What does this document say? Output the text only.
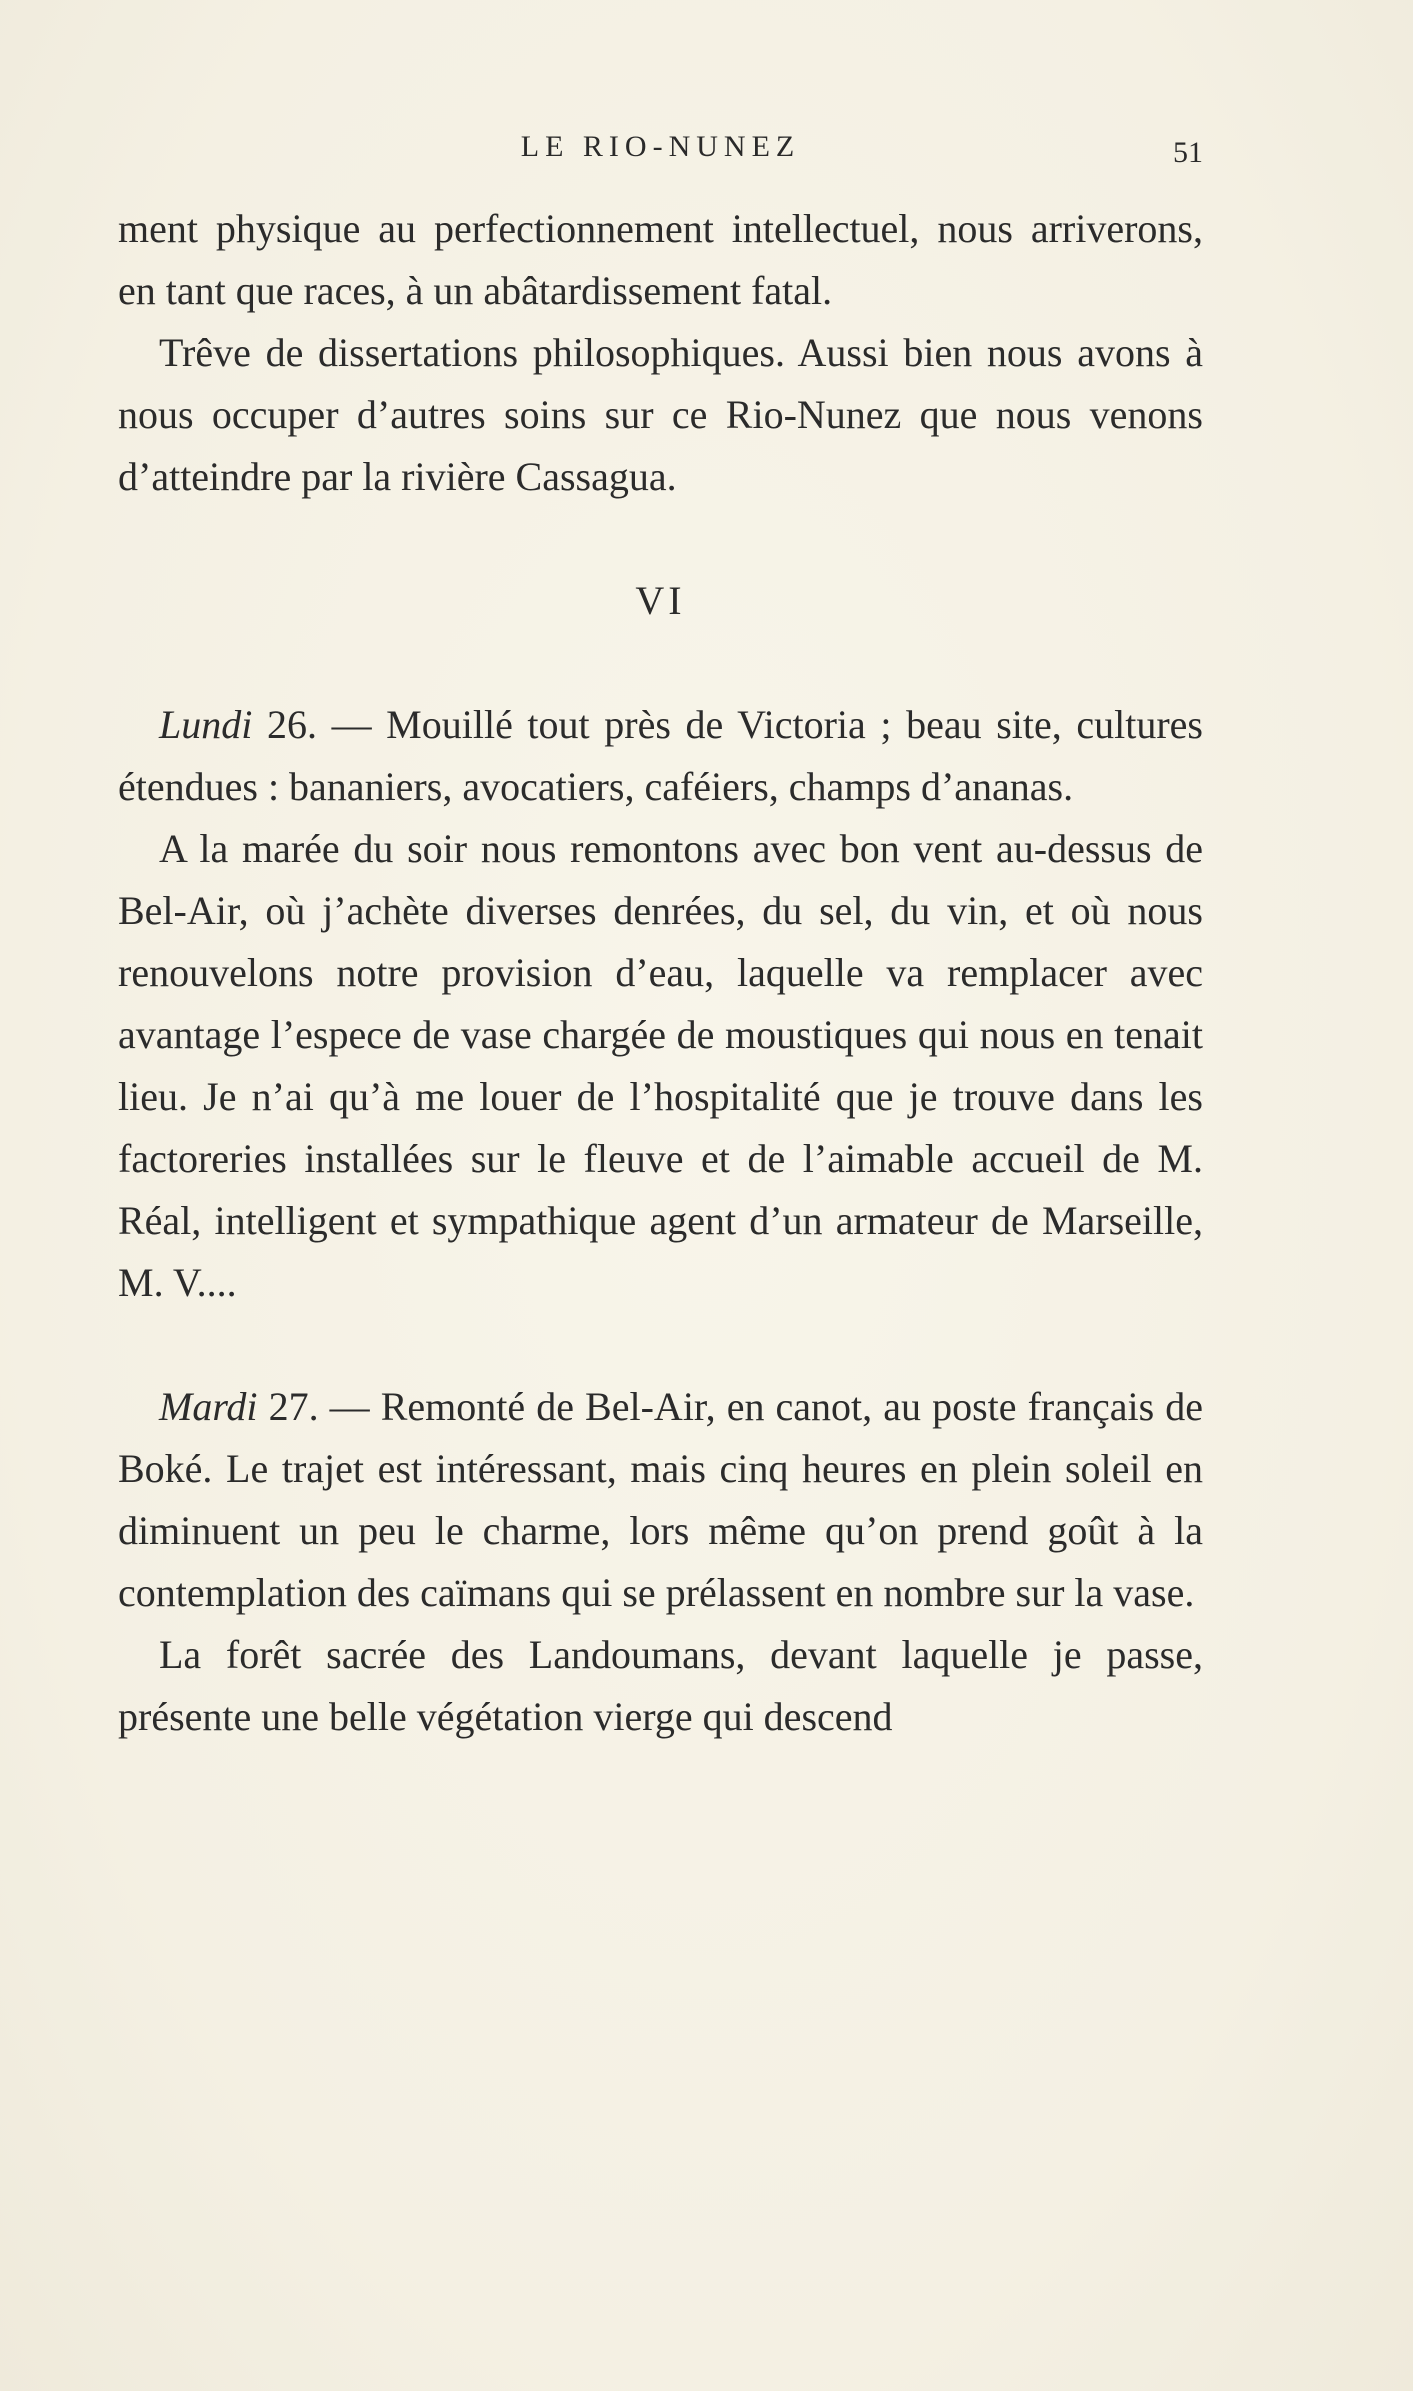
LE RIO-NUNEZ	51

ment physique au perfectionnement intellectuel, nous arriverons, en tant que races, à un abâtardissement fatal.

Trêve de dissertations philosophiques. Aussi bien nous avons à nous occuper d’autres soins sur ce Rio-Nunez que nous venons d’atteindre par la rivière Cassagua.

VI

Lundi 26. — Mouillé tout près de Victoria ; beau site, cultures étendues : bananiers, avocatiers, caféiers, champs d’ananas.

A la marée du soir nous remontons avec bon vent au-dessus de Bel-Air, où j’achète diverses denrées, du sel, du vin, et où nous renouvelons notre provision d’eau, laquelle va remplacer avec avantage l’espece de vase chargée de moustiques qui nous en tenait lieu. Je n’ai qu’à me louer de l’hospitalité que je trouve dans les factoreries installées sur le fleuve et de l’aimable accueil de M. Réal, intelligent et sympathique agent d’un armateur de Marseille, M. V....

Mardi 27. — Remonté de Bel-Air, en canot, au poste français de Boké. Le trajet est intéressant, mais cinq heures en plein soleil en diminuent un peu le charme, lors même qu’on prend goût à la contemplation des caïmans qui se prélassent en nombre sur la vase.

La forêt sacrée des Landoumans, devant laquelle je passe, présente une belle végétation vierge qui descend
